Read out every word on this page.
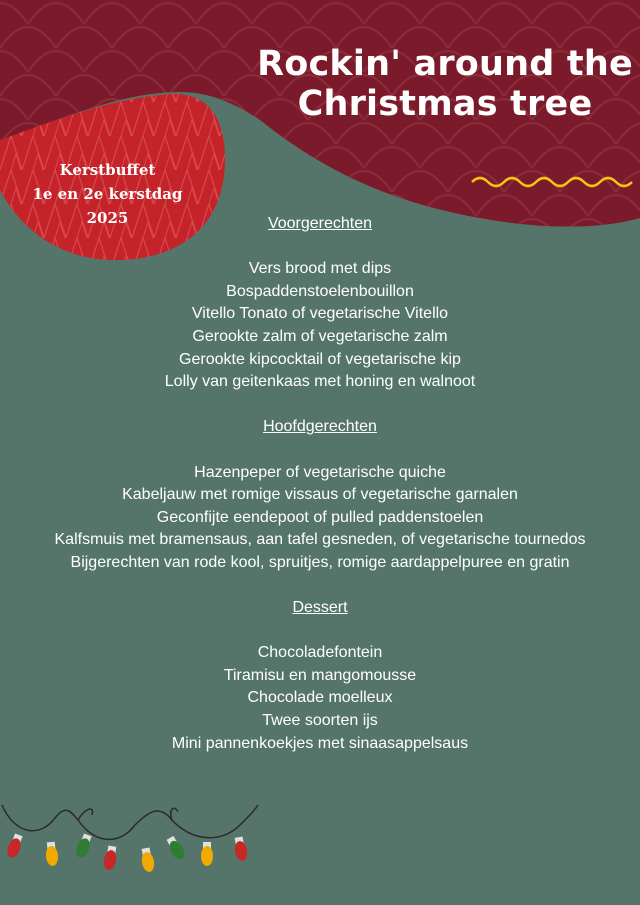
Rockin' around the
Christmas tree
Kerstbuffet
1e en 2e kerstdag
2025	Voorgerechten
Vers brood met dips
Bospaddenstoelenbouillon
Vitello Tonato of vegetarische Vitello
Gerookte zalm of vegetarische zalm
Gerookte kipcocktail of vegetarische kip
Lolly van geitenkaas met honing en walnoot
Hoofdgerechten
Hazenpeper of vegetarische quiche
Kabeljauw met romige vissaus of vegetarische garnalen
Geconfijte eendepoot of pulled paddenstoelen
Kalfsmuis met bramensaus, aan tafel gesneden, of vegetarische tournedos
Bijgerechten van rode kool, spruitjes, romige aardappelpuree en gratin
Dessert
Chocoladefontein
Tiramisu en mangomousse
Chocolade moelleux
Twee soorten ijs
Mini pannenkoekjes met sinaasappelsaus
